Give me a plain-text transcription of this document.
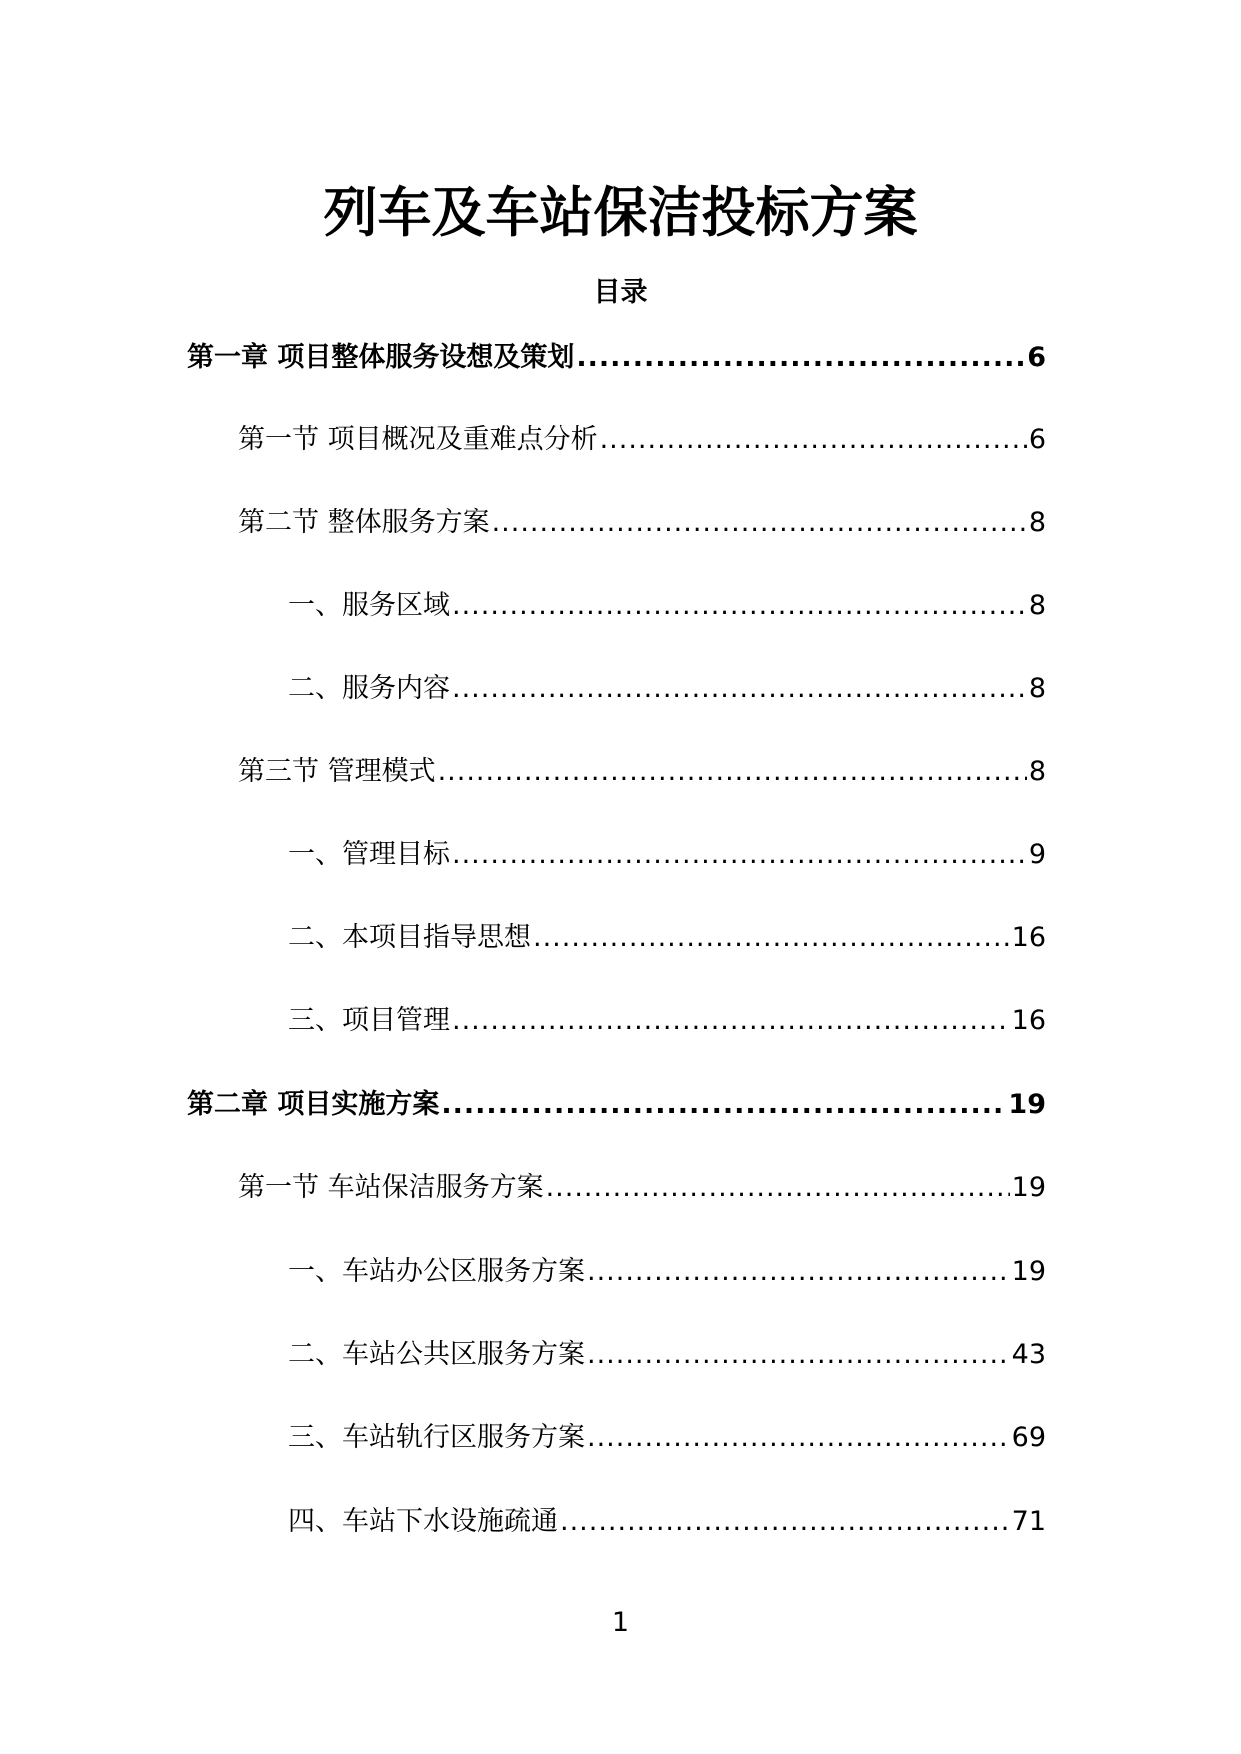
列车及车站保洁投标方案
目录
第一章 项目整体服务设想及策划 .....	6
第一节 项目概况及重难点分析 .....	6
第二节 整体服务方案 .....	8
一、服务区域 .....	8
二、服务内容 .....	8
第三节 管理模式 .....	8
一、管理目标 .....	9
二、本项目指导思想 .....	16
三、项目管理 .....	16
第二章 项目实施方案 .....	19
第一节 车站保洁服务方案 .....	19
一、车站办公区服务方案 .....	19
二、车站公共区服务方案 .....	43
三、车站轨行区服务方案 .....	69
四、车站下水设施疏通 .....	71
1
